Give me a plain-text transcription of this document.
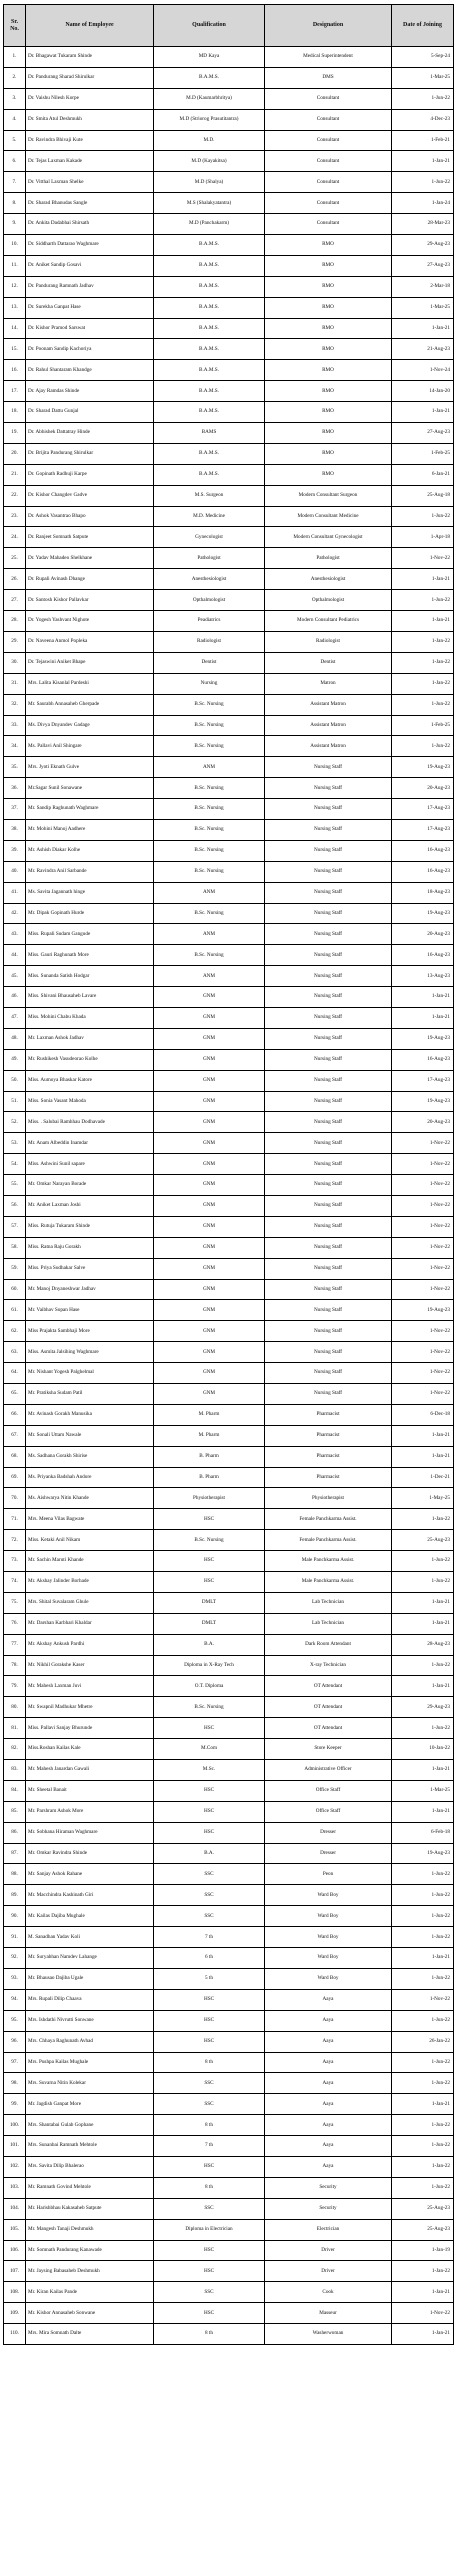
Sr. No.	Name of Employee	Qualification	Designation	Date of Joining
1.	Dr. Bhagawat Tukaram Shinde	MD Kaya	Medical Superintendent	5-Sep-24
2.	Dr. Pandurang Sharad Shirulkar	B.A.M.S.	DMS	1-Mar-25
3.	Dr. Vaishu Nilesh Korpe	M.D (Kaumarbhritya)	Consultant	1-Jun-22
4.	Dr. Smita Atul Deshmukh	M.D (Striorog Prasutitantra)	Consultant	4-Dec-23
5.	Dr. Ravindra Bhivaji Kute	M.D.	Consultant	1-Feb-21
6.	Dr. Tejas Laxman Kakade	M.D (Kayakitsa)	Consultant	1-Jan-21
7.	Dr. Vitthal Laxman Shelke	M.D (Shalya)	Consultant	1-Jun-22
8.	Dr. Sharad Bhanudas Sangle	M.S (Shalakyatantra)	Consultant	1-Jan-24
9.	Dr. Ankita Dadabhai Shirsath	M.D (Panchakarm)	Consultant	28-Mar-23
10.	Dr. Siddharth Dattarao Waghmare	B.A.M.S.	RMO	29-Aug-23
11.	Dr. Aniket Sandip Gosavi	B.A.M.S.	RMO	27-Aug-23
12.	Dr. Pandurang Ramnath Jadhav	B.A.M.S.	RMO	2-Mar-18
13.	Dr. Surekha Ganpat Hase	B.A.M.S.	RMO	1-Mar-25
14.	Dr. Kishor Pramod Sarswat	B.A.M.S.	RMO	1-Jan-21
15.	Dr. Poonam Sandip Kachoriya	B.A.M.S.	RMO	21-Aug-23
16.	Dr. Rahul Shantaram Khandge	B.A.M.S.	RMO	1-Nov-24
17.	Dr. Ajay Ramdas Shinde	B.A.M.S.	RMO	14-Jan-20
18.	Dr. Sharad Dattu Gunjal	B.A.M.S.	RMO	1-Jan-21
19.	Dr. Abhishek Dattatray Hinde	BAMS	RMO	27-Aug-23
20.	Dr. Brijita Pandurang Shirulkar	B.A.M.S.	RMO	1-Feb-25
21.	Dr. Gopinath Radhuji Karpe	B.A.M.S.	RMO	6-Jan-21
22.	Dr. Kishor Changdev Gadve	M.S. Surgeon	Modern Consultant Surgeon	25-Aug-18
23.	Dr. Ashok Vasantrao Bhapo	M.D. Medicine	Modern Consultant Medicine	1-Jun-22
24.	Dr. Ranjeet Somnath Satpute	Gynecologist	Modern Consultant Gynecologist	1-Apr-18
25.	Dr. Yadav Mahadeo Shelkhane	Pathologist	Pathologist	1-Nov-22
26.	Dr. Rupali Avinash Dhange	Anesthesiologist	Anesthesiologist	1-Jan-21
27.	Dr. Santosh Kishor Pallavkar	Opthalmologist	Opthalmologist	1-Jun-22
28.	Dr. Yogesh Yashvant Nighote	Peadiatrics	Modern Consultant Pediatrics	1-Jan-21
29.	Dr. Naveena Anmol Popleka	Radiologist	Radiologist	1-Jan-22
30.	Dr. Tejaswini Aniket Bhape	Dentist	Dentist	1-Jan-22
31.	Mrs. Lalita Kisanlal Pardeshi	Nursing	Matron	1-Jan-22
32.	Mr. Saurabh Annasaheb Gherpade	B.Sc. Nursing	Assistant Matron	1-Jun-22
33.	Ms. Divya Dnyandev Gadage	B.Sc. Nursing	Assistant Matron	1-Feb-25
34.	Ms. Pallavi Anil Shingare	B.Sc. Nursing	Assistant Matron	1-Jun-22
35.	Mrs. Jyoti Eknath Gulve	ANM	Nursing Staff	19-Aug-23
36.	Mr.Sagar Sunil Sonawane	B.Sc. Nursing	Nursing Staff	20-Aug-23
37.	Mr. Sandip Raghunath Waghmare	B.Sc. Nursing	Nursing Staff	17-Aug-23
38.	Mr. Mohini Manoj Aadhere	B.Sc. Nursing	Nursing Staff	17-Aug-23
39.	Mr. Ashish Diakar Kolhe	B.Sc. Nursing	Nursing Staff	16-Aug-23
40.	Mr. Ravindra Anil Sarbande	B.Sc. Nursing	Nursing Staff	16-Aug-23
41.	Ms. Savita Jagannath hinge	ANM	Nursing Staff	18-Aug-23
42.	Mr. Dipak Gopinath Hurde	B.Sc. Nursing	Nursing Staff	19-Aug-23
43.	Miss. Rupali Sudam Gangude	ANM	Nursing Staff	20-Aug-23
44.	Miss. Gauri Raghunath More	B.Sc. Nursing	Nursing Staff	16-Aug-23
45.	Miss. Sunanda Satish Hodgar	ANM	Nursing Staff	13-Aug-23
46.	Miss. Shivani Bhausaheb Lavare	GNM	Nursing Staff	1-Jan-21
47.	Miss. Mohini Chabu Khada	GNM	Nursing Staff	1-Jan-21
48.	Mr. Laxman Ashok Jadhav	GNM	Nursing Staff	19-Aug-23
49.	Mr. Rushikesh Vasudeorao Kolhe	GNM	Nursing Staff	16-Aug-23
50.	Miss. Aumoya Bhaskar Katore	GNM	Nursing Staff	17-Aug-23
51.	Miss. Sonia Vasant Mahoda	GNM	Nursing Staff	19-Aug-23
52.	Miss. . Salubai Ramhhau Dodhavade	GNM	Nursing Staff	20-Aug-23
53.	Mr. Anam Albeddin Inamdar	GNM	Nursing Staff	1-Nov-22
54.	Miss. Ashwini Sunil sapare	GNM	Nursing Staff	1-Nov-22
55.	Mr. Omkar Narayan Borade	GNM	Nursing Staff	1-Nov-22
56.	Mr. Aniket Laxman Joshi	GNM	Nursing Staff	1-Nov-22
57.	Miss. Rutuja Tukaram Shinde	GNM	Nursing Staff	1-Nov-22
58.	Miss. Ratna Raju Gorakh	GNM	Nursing Staff	1-Nov-22
59.	Miss. Priya Sudhakar Salve	GNM	Nursing Staff	1-Nov-22
60.	Mr. Manoj Dnyaneshwar Jadhav	GNM	Nursing Staff	1-Nov-22
61.	Mr. Vaibhav Sopan Hase	GNM	Nursing Staff	19-Aug-23
62.	Miss Prajakta Sambhaji More	GNM	Nursing Staff	1-Nov-22
63.	Miss. Asmita Jalsihing Waghmare	GNM	Nursing Staff	1-Nov-22
64.	Mr. Nishant Yogesh Palghelmal	GNM	Nursing Staff	1-Nov-22
65.	Mr. Pratiksha Sudam Patil	GNM	Nursing Staff	1-Nov-22
66.	Mr. Avinash Gorakh Manusika	M. Pharm	Pharmacist	6-Dec-18
67.	Mr. Sonali Uttam Nawale	M. Pharm	Pharmacist	1-Jan-21
68.	Ms. Sadhana Gorakh Shirise	B. Pharm	Pharmacist	1-Jan-21
69.	Ms. Priyanka Badshah Andore	B. Pharm	Pharmacist	1-Dec-21
70.	Ms. Aishwarya Nitin Khande	Physiotherapist	Physiotherapist	1-May-25
71.	Mrs. Meena Vilas Bagwate	HSC	Female Panchkarma Assist.	1-Jan-22
72.	Miss. Ketaki Anil Nikam	B.Sc. Nursing	Female Panchkarma Assist.	25-Aug-23
73.	Mr. Sachin Maruti Khande	HSC	Male Panchkarma Assist.	1-Jun-22
74.	Mr. Akshay Jalinder Borhade	HSC	Male Panchkarma Assist.	1-Jun-22
75.	Mrs. Shital Suvalaram Ghule	DMLT	Lab Technician	1-Jan-21
76.	Mr. Darshan Karbhari Khaldar	DMLT	Lab Technician	1-Jan-21
77.	Mr. Akshay Ankush Pardhi	B.A.	Dark Room Attendant	28-Aug-23
78.	Mr. Nikhil Gorakshe Kaser	Diploma in X-Ray Tech	X-ray Technician	1-Jun-22
79.	Mr. Mahesh Laxman Juvi	O.T. Diploma	OT Attendant	1-Jan-21
80.	Mr. Swapnil Madhukar Mhetre	B.Sc. Nursing	OT Attendant	29-Aug-23
81.	Miss. Pallavi Sanjay Bhurunde	HSC	OT Attendant	1-Jun-22
82.	Miss.Roshan Kailas Kale	M.Com	Store Keeper	10-Jan-22
83.	Mr. Mahesh Janardan Gawali	M.Sc.	Administrative Officer	1-Jan-21
84.	Mr. Sheetal Banait	HSC	Office Staff	1-Mar-25
85.	Mr. Parshram Ashok More	HSC	Office Staff	1-Jan-21
86.	Mr. Sobhana Hiraman Waghmare	HSC	Dresser	6-Feb-18
87.	Mr. Omkar Ravindra Shinde	B.A.	Dresser	19-Aug-23
88.	Mr. Sanjay Ashok Rahane	SSC	Peon	1-Jun-22
89.	Mr. Macchindra Kashinath Giri	SSC	Ward Boy	1-Jun-22
90.	Mr. Kailas Dajiba Mughale	SSC	Ward Boy	1-Jun-22
91.	M. Sanadhan Yadav Koli	7 th	Ward Boy	1-Jun-22
92.	Mr. Suryabhan Namdev Lahange	6 th	Ward Boy	1-Jan-21
93.	Mr. Bhausao Dajiba Ugale	5 th	Ward Boy	1-Jun-22
94.	Mrs. Rupali Dilip Chaava	HSC	Aaya	1-Nov-22
95.	Mrs. Ishdathi Nivrutti Sonwane	HSC	Aaya	1-Jun-22
96.	Mrs. Chhaya Raghunath Avhad	HSC	Aaya	26-Jan-22
97.	Mrs. Pushpa Kailas Mughale	8 th	Aaya	1-Jun-22
98.	Mrs. Suvarna Nitin Kolekar	SSC	Aaya	1-Jun-22
99.	Mr. Jagdish Ganpat More	SSC	Aaya	1-Jan-21
100.	Mrs. Shantabai Gulab Gophane	8 th	Aaya	1-Jun-22
101.	Mrs. Sunanbai Ramnath Mehtole	7 th	Aaya	1-Jun-22
102.	Mrs. Savita Dilip Bhalerao	HSC	Aaya	1-Jan-22
103.	Mr. Ramnath Govind Mehtole	8 th	Security	1-Jun-22
104.	Mr. Harishbhau Kakasaheb Satpute	SSC	Security	25-Aug-23
105.	Mr. Mangesh Tanaji Deshmukh	Diploma in Electrician	Electrician	25-Aug-23
106.	Mr. Somnath Pandurang Kanawade	HSC	Driver	1-Jan-19
107.	Mr. Jaysing Babasaheb Deshmukh	HSC	Driver	1-Jan-22
108.	Mr. Kiran Kailas Pande	SSC	Cook	1-Jan-21
109.	Mr. Kishor Annasaheb Sonwane	HSC	Masseur	1-Nov-22
110.	Mrs. Mira Somnath Dalte	8 th	Washerwoman	1-Jan-21
